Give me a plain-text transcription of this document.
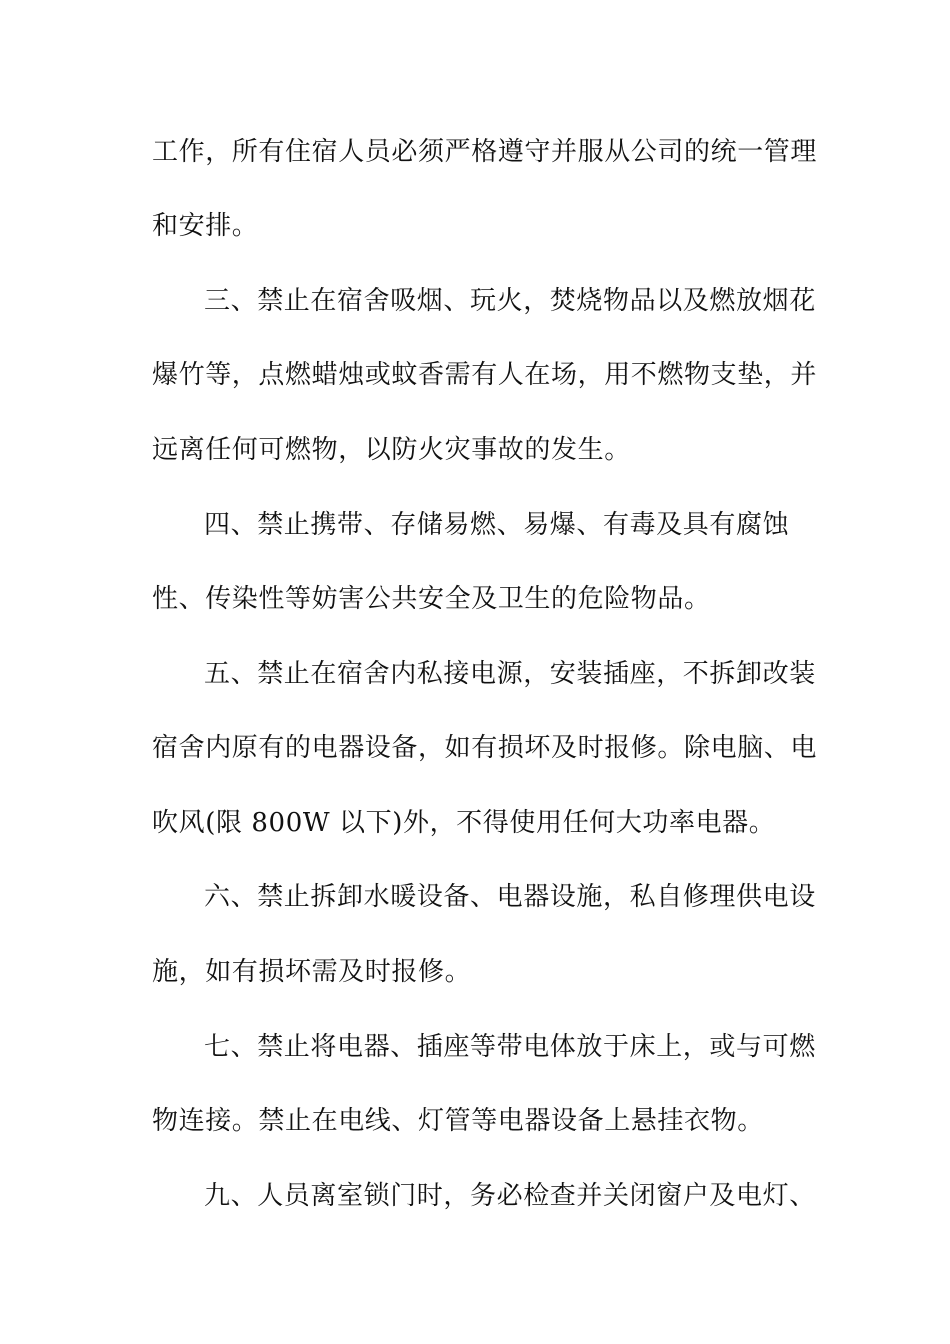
工作，所有住宿人员必须严格遵守并服从公司的统一管理
和安排。
三、禁止在宿舍吸烟、玩火，焚烧物品以及燃放烟花
爆竹等，点燃蜡烛或蚊香需有人在场，用不燃物支垫，并
远离任何可燃物，以防火灾事故的发生。
四、禁止携带、存储易燃、易爆、有毒及具有腐蚀
性、传染性等妨害公共安全及卫生的危险物品。
五、禁止在宿舍内私接电源，安装插座，不拆卸改装
宿舍内原有的电器设备，如有损坏及时报修。除电脑、电
吹风(限 800W 以下)外，不得使用任何大功率电器。
六、禁止拆卸水暖设备、电器设施，私自修理供电设
施，如有损坏需及时报修。
七、禁止将电器、插座等带电体放于床上，或与可燃
物连接。禁止在电线、灯管等电器设备上悬挂衣物。
九、人员离室锁门时，务必检查并关闭窗户及电灯、
